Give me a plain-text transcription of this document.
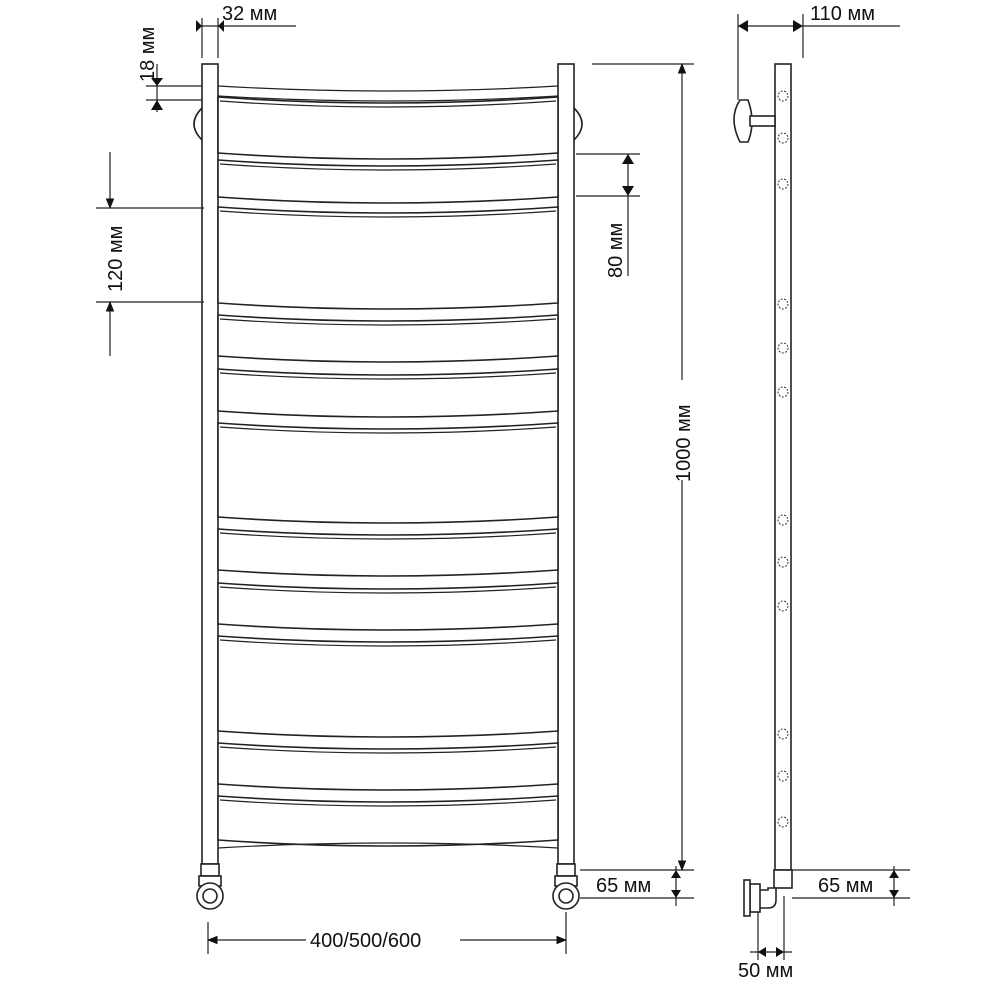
32 мм
18 мм
120 мм	80 мм
1000 мм
65 мм
400/500/600
110 мм
65 мм
50 мм
